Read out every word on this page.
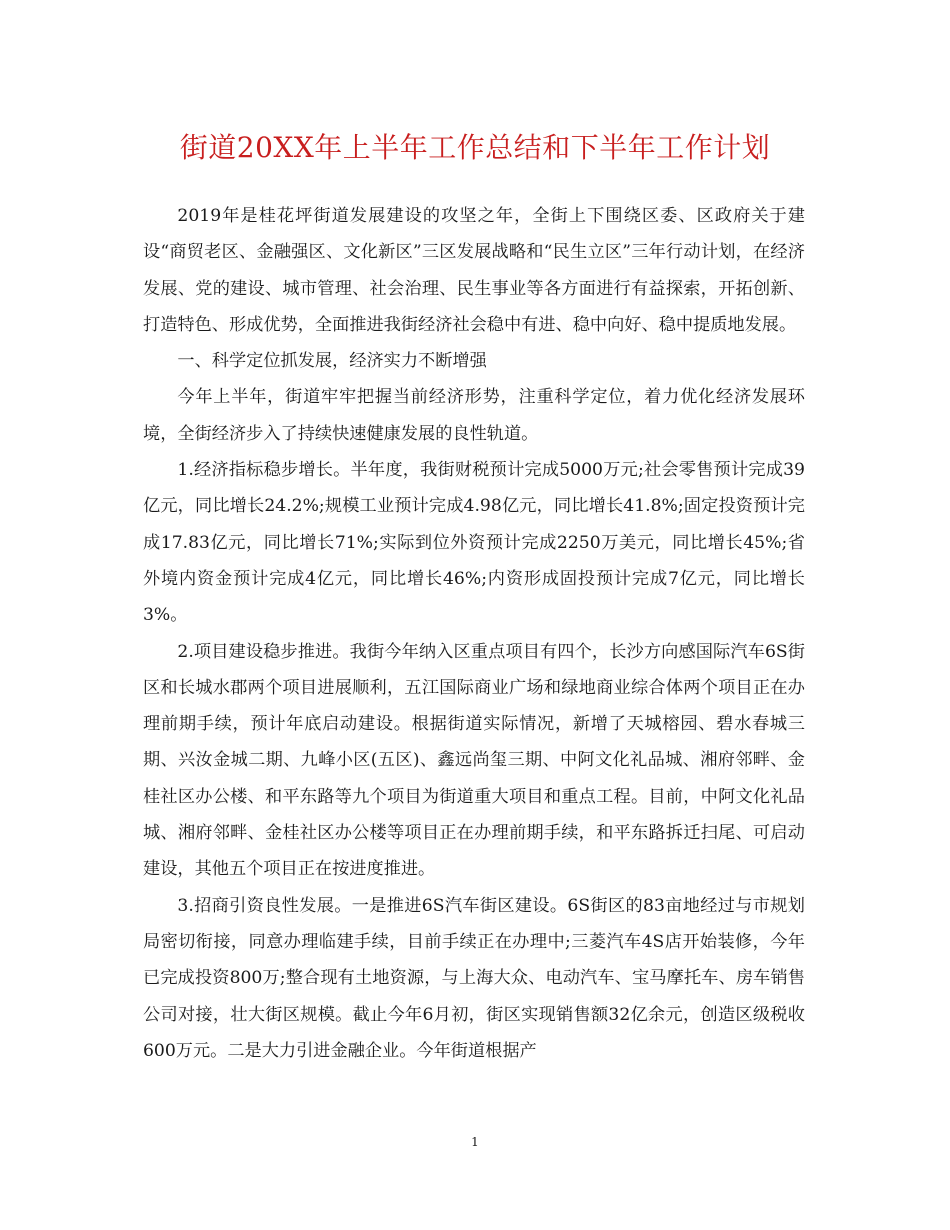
街道20XX年上半年工作总结和下半年工作计划

2019年是桂花坪街道发展建设的攻坚之年，全街上下围绕区委、区政府关于建设“商贸老区、金融强区、文化新区”三区发展战略和“民生立区”三年行动计划，在经济发展、党的建设、城市管理、社会治理、民生事业等各方面进行有益探索，开拓创新、打造特色、形成优势，全面推进我街经济社会稳中有进、稳中向好、稳中提质地发展。

一、科学定位抓发展，经济实力不断增强

今年上半年，街道牢牢把握当前经济形势，注重科学定位，着力优化经济发展环境，全街经济步入了持续快速健康发展的良性轨道。

1.经济指标稳步增长。半年度，我街财税预计完成5000万元;社会零售预计完成39亿元，同比增长24.2%;规模工业预计完成4.98亿元，同比增长41.8%;固定投资预计完成17.83亿元，同比增长71%;实际到位外资预计完成2250万美元，同比增长45%;省外境内资金预计完成4亿元，同比增长46%;内资形成固投预计完成7亿元，同比增长3%。

2.项目建设稳步推进。我街今年纳入区重点项目有四个，长沙方向感国际汽车6S街区和长城水郡两个项目进展顺利，五江国际商业广场和绿地商业综合体两个项目正在办理前期手续，预计年底启动建设。根据街道实际情况，新增了天城榕园、碧水春城三期、兴汝金城二期、九峰小区(五区)、鑫远尚玺三期、中阿文化礼品城、湘府邻畔、金桂社区办公楼、和平东路等九个项目为街道重大项目和重点工程。目前，中阿文化礼品城、湘府邻畔、金桂社区办公楼等项目正在办理前期手续，和平东路拆迁扫尾、可启动建设，其他五个项目正在按进度推进。

3.招商引资良性发展。一是推进6S汽车街区建设。6S街区的83亩地经过与市规划局密切衔接，同意办理临建手续，目前手续正在办理中;三菱汽车4S店开始装修，今年已完成投资800万;整合现有土地资源，与上海大众、电动汽车、宝马摩托车、房车销售公司对接，壮大街区规模。截止今年6月初，街区实现销售额32亿余元，创造区级税收600万元。二是大力引进金融企业。今年街道根据产

1
